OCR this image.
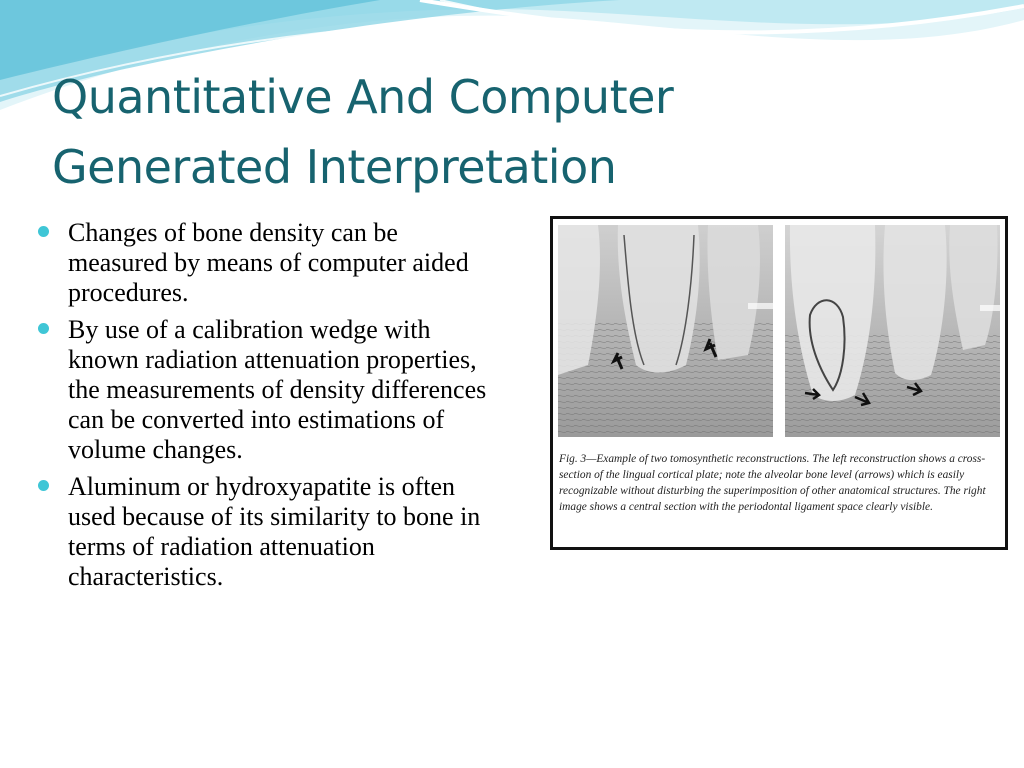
Quantitative And Computer
Generated Interpretation
Changes of bone density can be measured by means of computer aided procedures.
By use of a calibration wedge with known radiation attenuation properties, the measurements of density differences can be converted into estimations of volume changes.
Aluminum or hydroxyapatite is often used because of its similarity to bone in terms of radiation attenuation characteristics.

Fig. 3—Example of two tomosynthetic reconstructions. The left reconstruction shows a cross-section of the lingual cortical plate; note the alveolar bone level (arrows) which is easily recognizable without disturbing the superimposition of other anatomical structures. The right image shows a central section with the periodontal ligament space clearly visible.
